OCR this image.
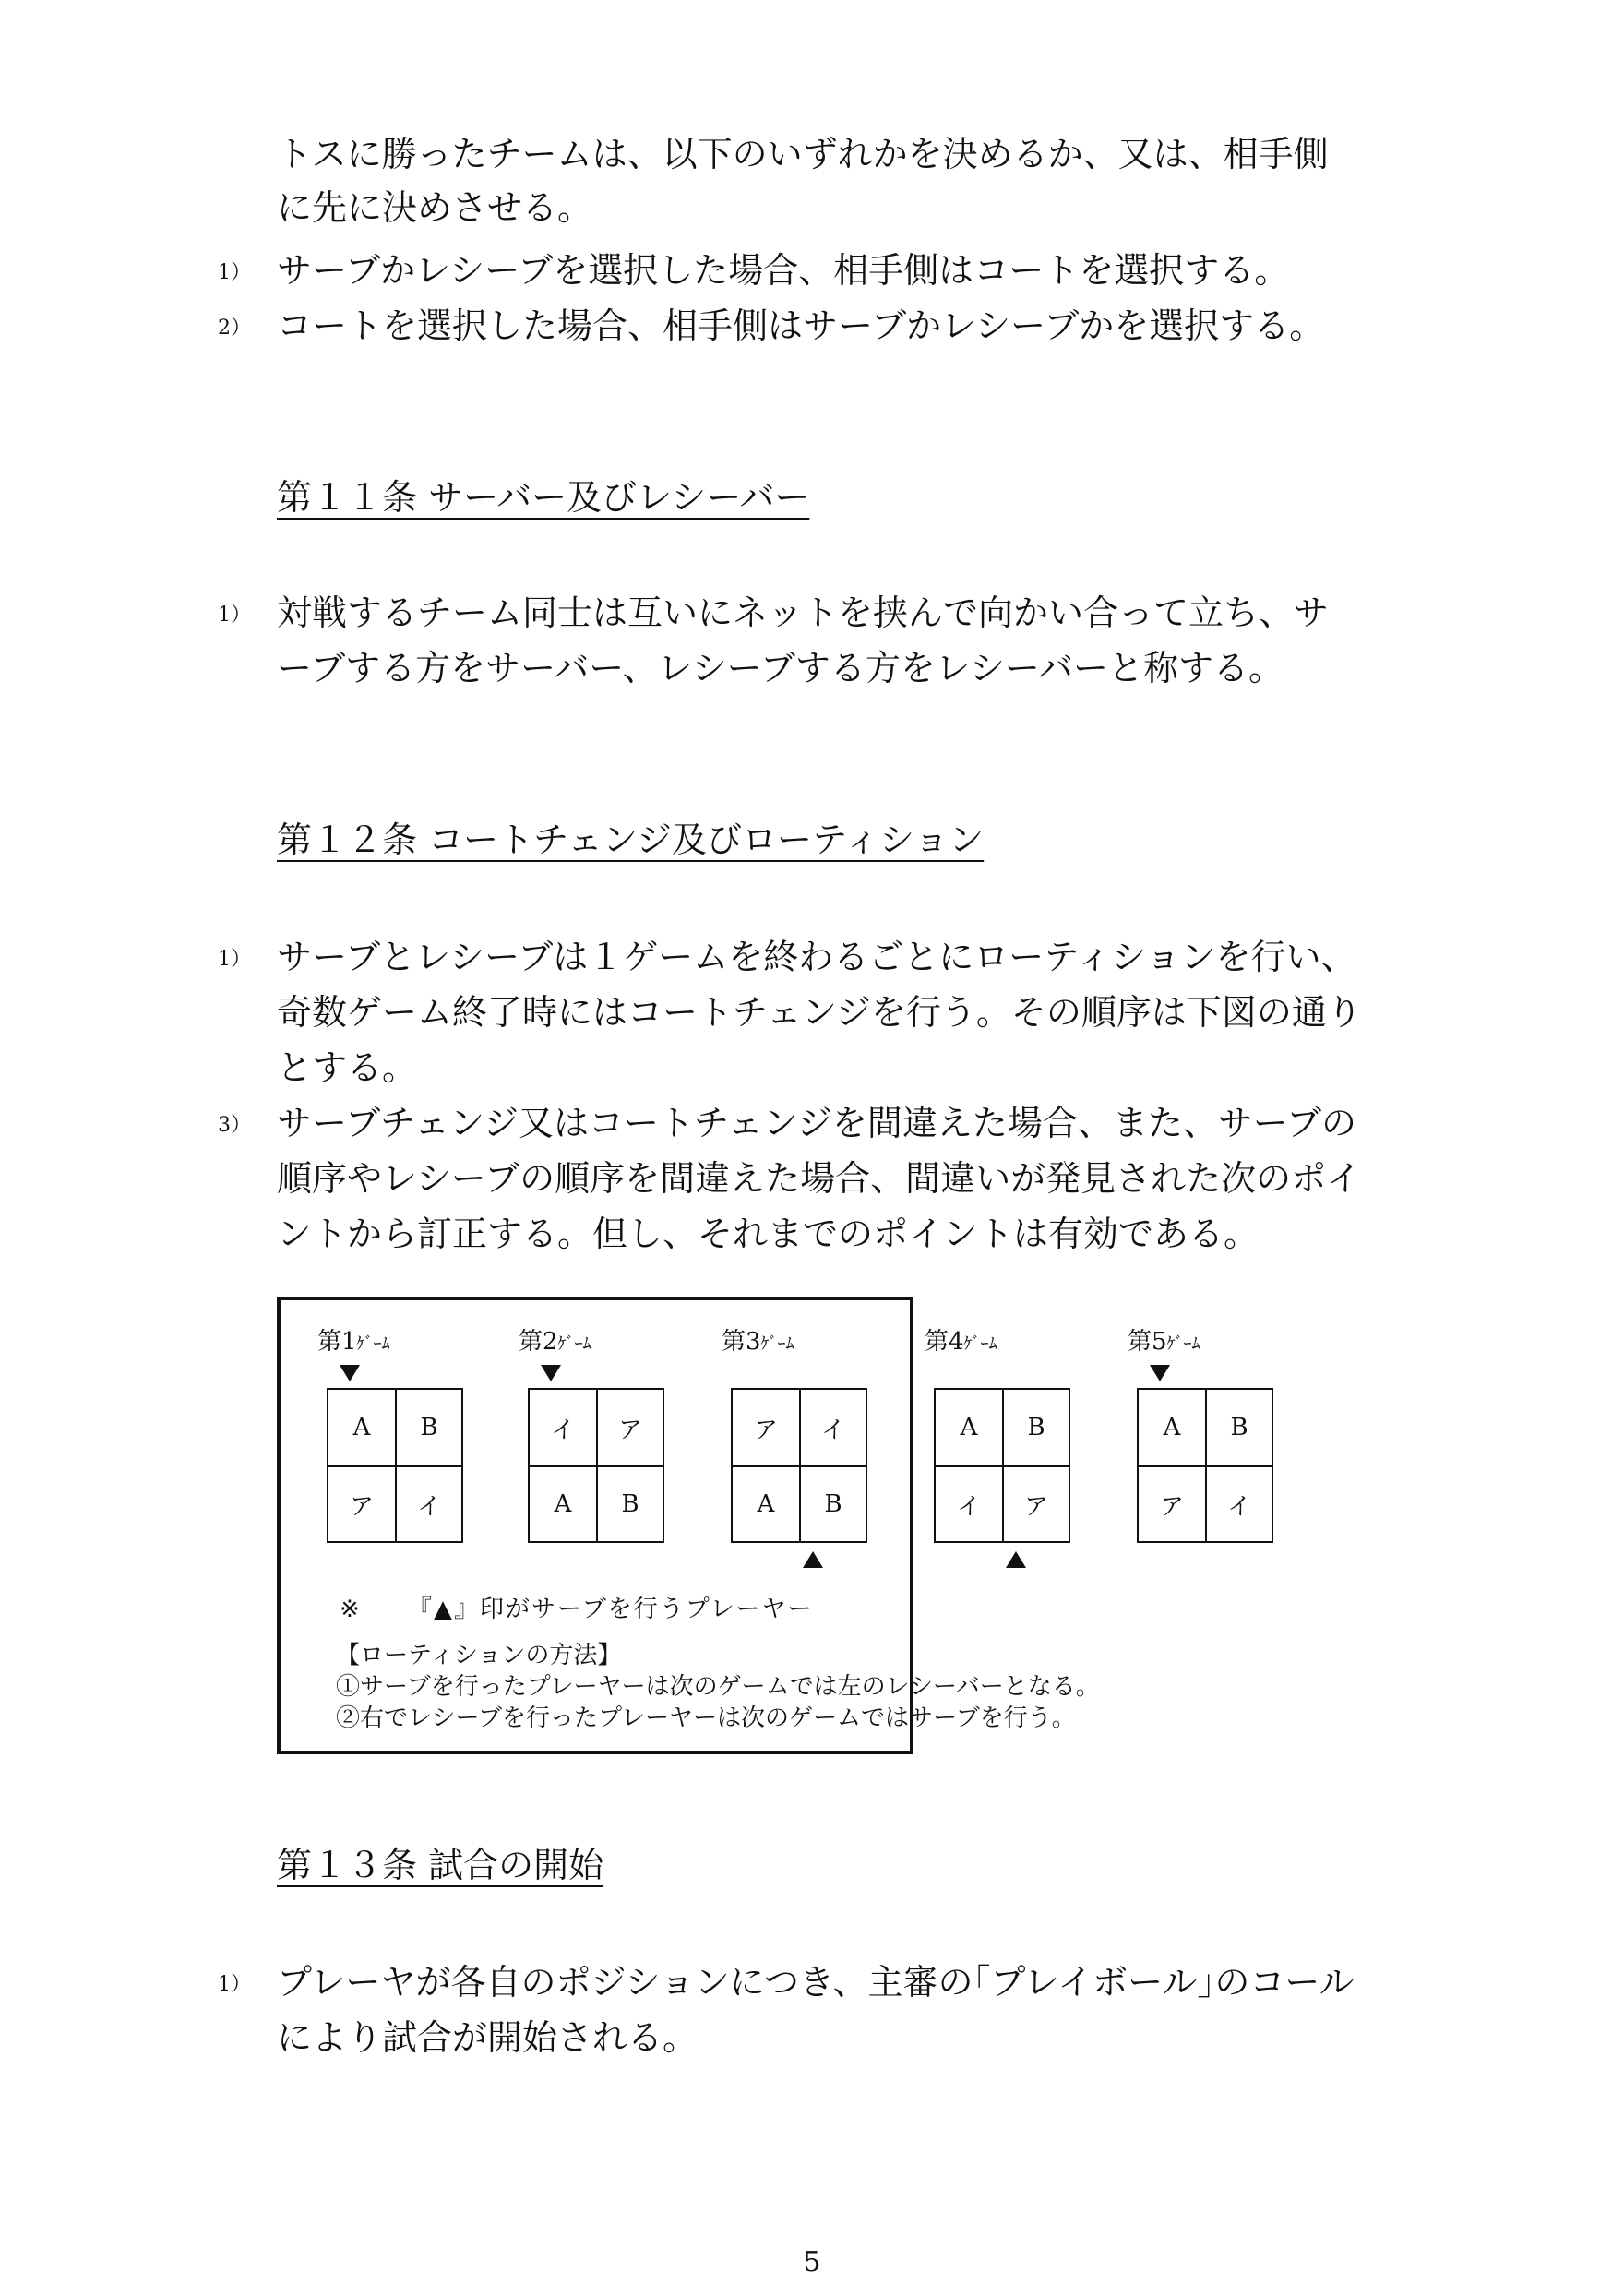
トスに勝ったチームは、以下のいずれかを決めるか、又は、相手側
に先に決めさせる。
1） サーブかレシーブを選択した場合、相手側はコートを選択する。
2） コートを選択した場合、相手側はサーブかレシーブかを選択する。
第１１条 サーバー及びレシーバー
1） 対戦するチーム同士は互いにネットを挟んで向かい合って立ち、サ
ーブする方をサーバー、レシーブする方をレシーバーと称する。
第１２条 コートチェンジ及びローティション
1） サーブとレシーブは１ゲームを終わるごとにローティションを行い、
奇数ゲーム終了時にはコートチェンジを行う。その順序は下図の通り
とする。
3） サーブチェンジ又はコートチェンジを間違えた場合、また、サーブの
順序やレシーブの順序を間違えた場合、間違いが発見された次のポイ
ントから訂正する。但し、それまでのポイントは有効である。
第1ｹﾞｰﾑ
A	B
ア	イ
第2ｹﾞｰﾑ
イ	ア
A	B
第3ｹﾞｰﾑ
ア	イ
A	B
第4ｹﾞｰﾑ
A	B
イ	ア
第5ｹﾞｰﾑ
A	B
ア	イ
※ 『▲』印がサーブを行うプレーヤー
【ローティションの方法】
①サーブを行ったプレーヤーは次のゲームでは左のレシーバーとなる。
②右でレシーブを行ったプレーヤーは次のゲームではサーブを行う。
第１３条 試合の開始
1） プレーヤが各自のポジションにつき、主審の｢プレイボール｣のコール
により試合が開始される。
5
